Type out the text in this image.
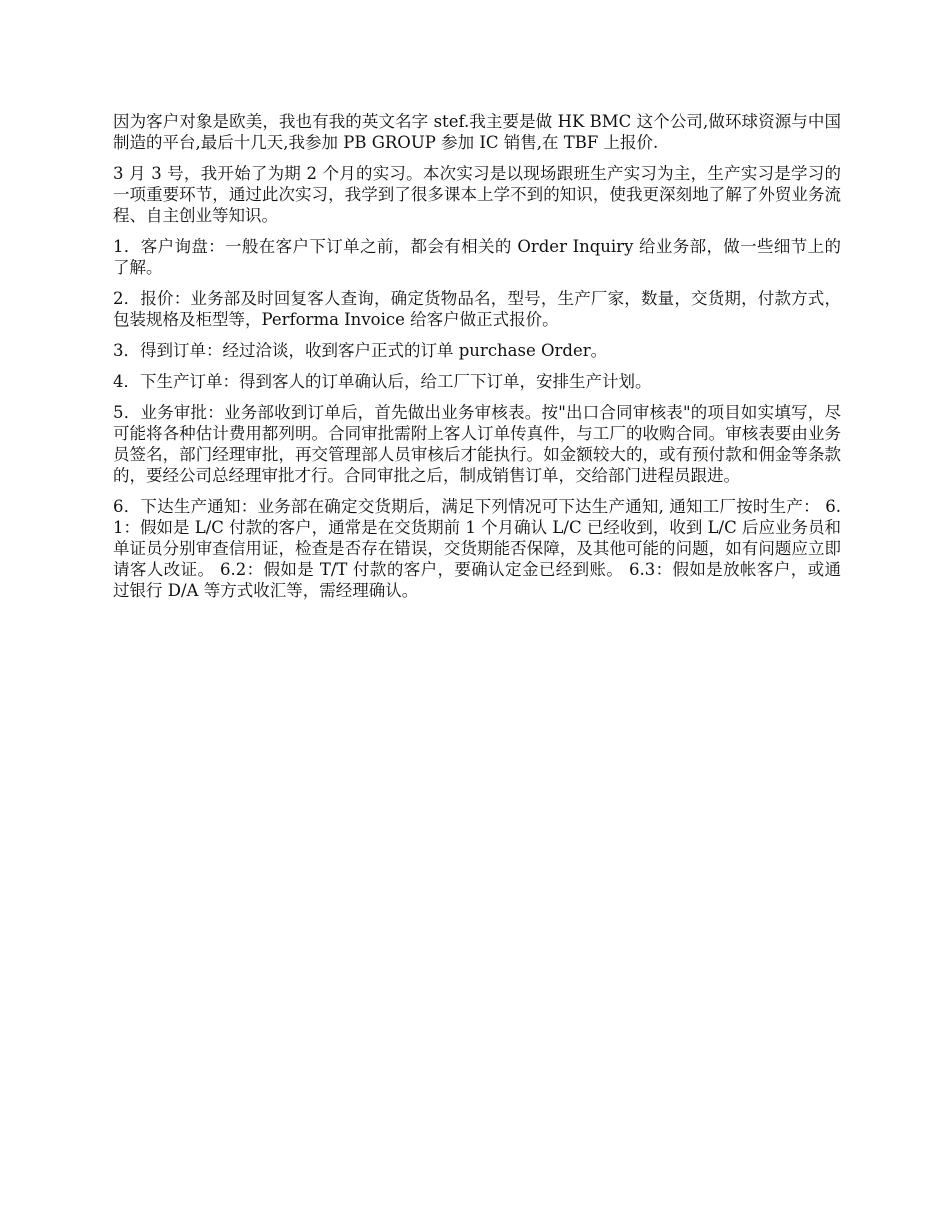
因为客户对象是欧美，我也有我的英文名字 stef.我主要是做 HK BMC 这个公司,做环球资源与中国制造的平台,最后十几天,我参加 PB GROUP 参加 IC 销售,在 TBF 上报价.

3 月 3 号，我开始了为期 2 个月的实习。本次实习是以现场跟班生产实习为主，生产实习是学习的一项重要环节，通过此次实习，我学到了很多课本上学不到的知识，使我更深刻地了解了外贸业务流程、自主创业等知识。

1．客户询盘：一般在客户下订单之前，都会有相关的 Order Inquiry 给业务部，做一些细节上的了解。

2．报价：业务部及时回复客人查询，确定货物品名，型号，生产厂家，数量，交货期，付款方式，包装规格及柜型等，Performa Invoice 给客户做正式报价。

3．得到订单：经过洽谈，收到客户正式的订单 purchase Order。

4．下生产订单：得到客人的订单确认后，给工厂下订单，安排生产计划。

5．业务审批：业务部收到订单后，首先做出业务审核表。按"出口合同审核表"的项目如实填写，尽可能将各种估计费用都列明。合同审批需附上客人订单传真件，与工厂的收购合同。审核表要由业务员签名，部门经理审批，再交管理部人员审核后才能执行。如金额较大的，或有预付款和佣金等条款的，要经公司总经理审批才行。合同审批之后，制成销售订单，交给部门进程员跟进。

6．下达生产通知：业务部在确定交货期后，满足下列情况可下达生产通知, 通知工厂按时生产： 6.1：假如是 L/C 付款的客户，通常是在交货期前 1 个月确认 L/C 已经收到，收到 L/C 后应业务员和单证员分别审查信用证，检查是否存在错误，交货期能否保障，及其他可能的问题，如有问题应立即请客人改证。 6.2：假如是 T/T 付款的客户，要确认定金已经到账。 6.3：假如是放帐客户，或通过银行 D/A 等方式收汇等，需经理确认。
